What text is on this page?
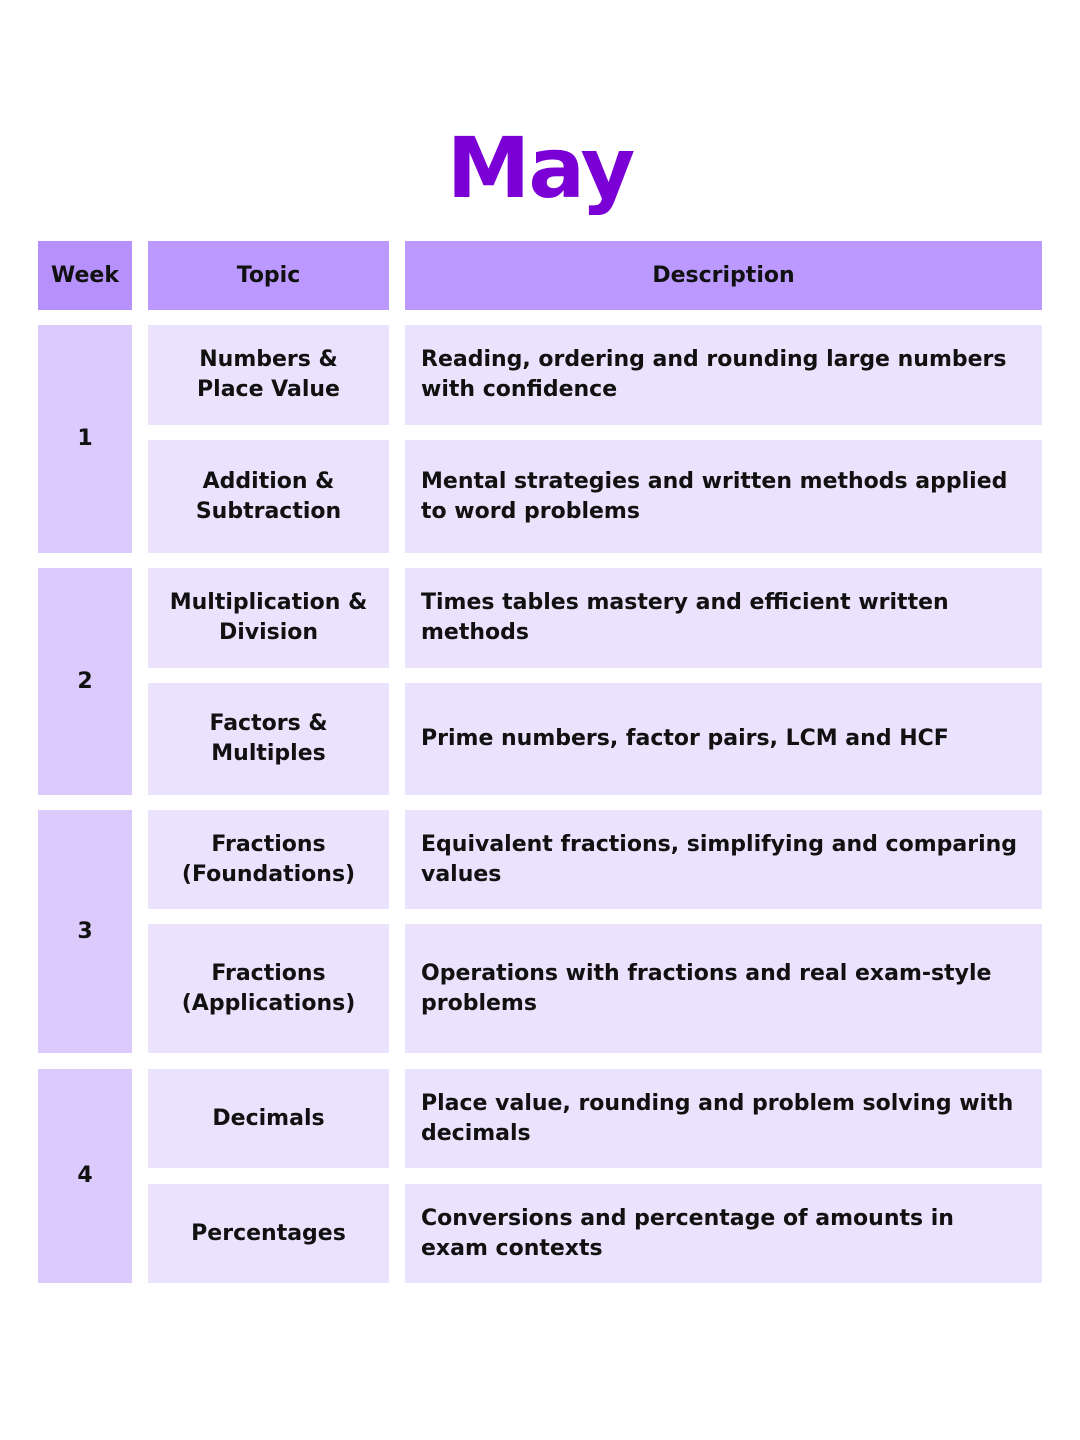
May
Week	Topic	Description
1
Numbers & Place Value
Reading, ordering and rounding large numbers with confidence
Addition & Subtraction
Mental strategies and written methods applied to word problems
2
Multiplication & Division
Times tables mastery and efficient written methods
Factors & Multiples
Prime numbers, factor pairs, LCM and HCF
3
Fractions (Foundations)
Equivalent fractions, simplifying and comparing values
Fractions (Applications)
Operations with fractions and real exam-style problems
4
Decimals
Place value, rounding and problem solving with decimals
Percentages
Conversions and percentage of amounts in exam contexts
